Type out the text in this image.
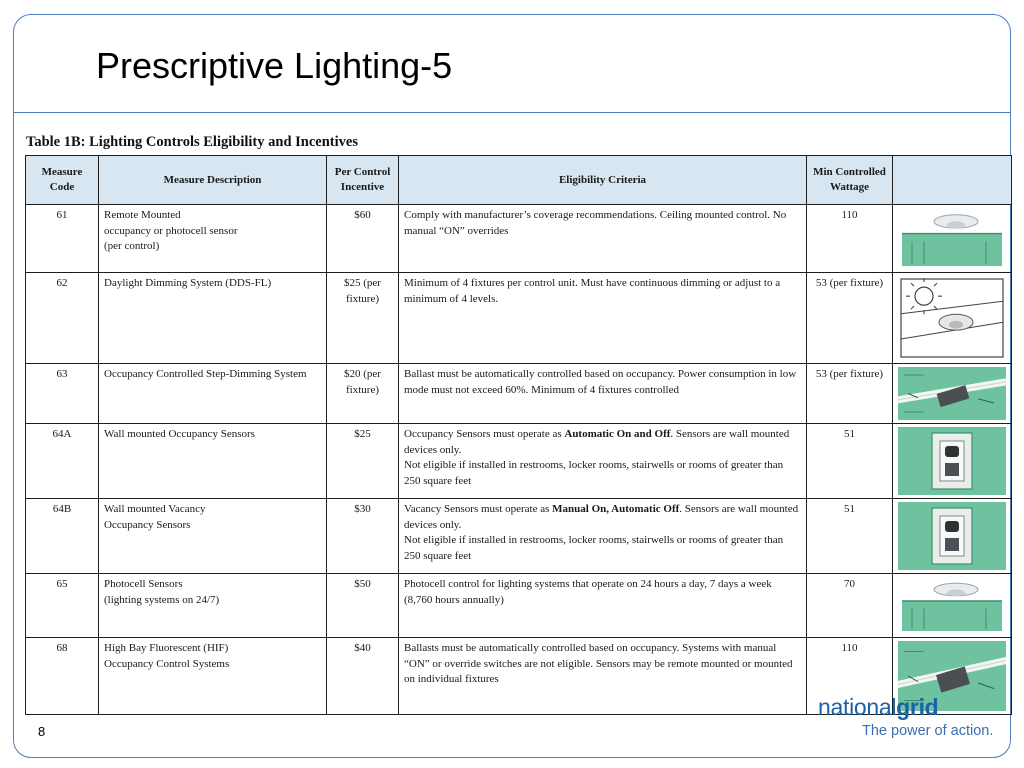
Prescriptive Lighting-5
Table 1B: Lighting Controls Eligibility and Incentives
Measure Code	Measure Description	Per Control Incentive	Eligibility Criteria	Min Controlled Wattage	
61	Remote Mounted
occupancy or photocell sensor
(per control)	$60	Comply with manufacturer’s coverage recommendations. Ceiling mounted control. No manual “ON” overrides	110	

62	Daylight Dimming System (DDS-FL)	$25 (per fixture)	Minimum of 4 fixtures per control unit. Must have continuous dimming or adjust to a minimum of 4 levels.	53 (per fixture)	

63	Occupancy Controlled Step-Dimming System	$20 (per fixture)	Ballast must be automatically controlled based on occupancy. Power consumption in low mode must not exceed 60%. Minimum of 4 fixtures controlled	53 (per fixture)	

64A	Wall mounted Occupancy Sensors	$25	Occupancy Sensors must operate as Automatic On and Off. Sensors are wall mounted devices only.
Not eligible if installed in restrooms, locker rooms, stairwells or rooms of greater than 250 square feet	51	

64B	Wall mounted Vacancy
Occupancy Sensors	$30	Vacancy Sensors must operate as Manual On, Automatic Off. Sensors are wall mounted devices only.
Not eligible if installed in restrooms, locker rooms, stairwells or rooms of greater than 250 square feet	51	

65	Photocell Sensors
(lighting systems on 24/7)	$50	Photocell control for lighting systems that operate on 24 hours a day, 7 days a week (8,760 hours annually)	70	

68	High Bay Fluorescent (HIF)
Occupancy Control Systems	$40	Ballasts must be automatically controlled based on occupancy. Systems with manual “ON” or override switches are not eligible. Sensors may be remote mounted or mounted on individual fixtures	110	
8
nationalgrid
The power of action.
